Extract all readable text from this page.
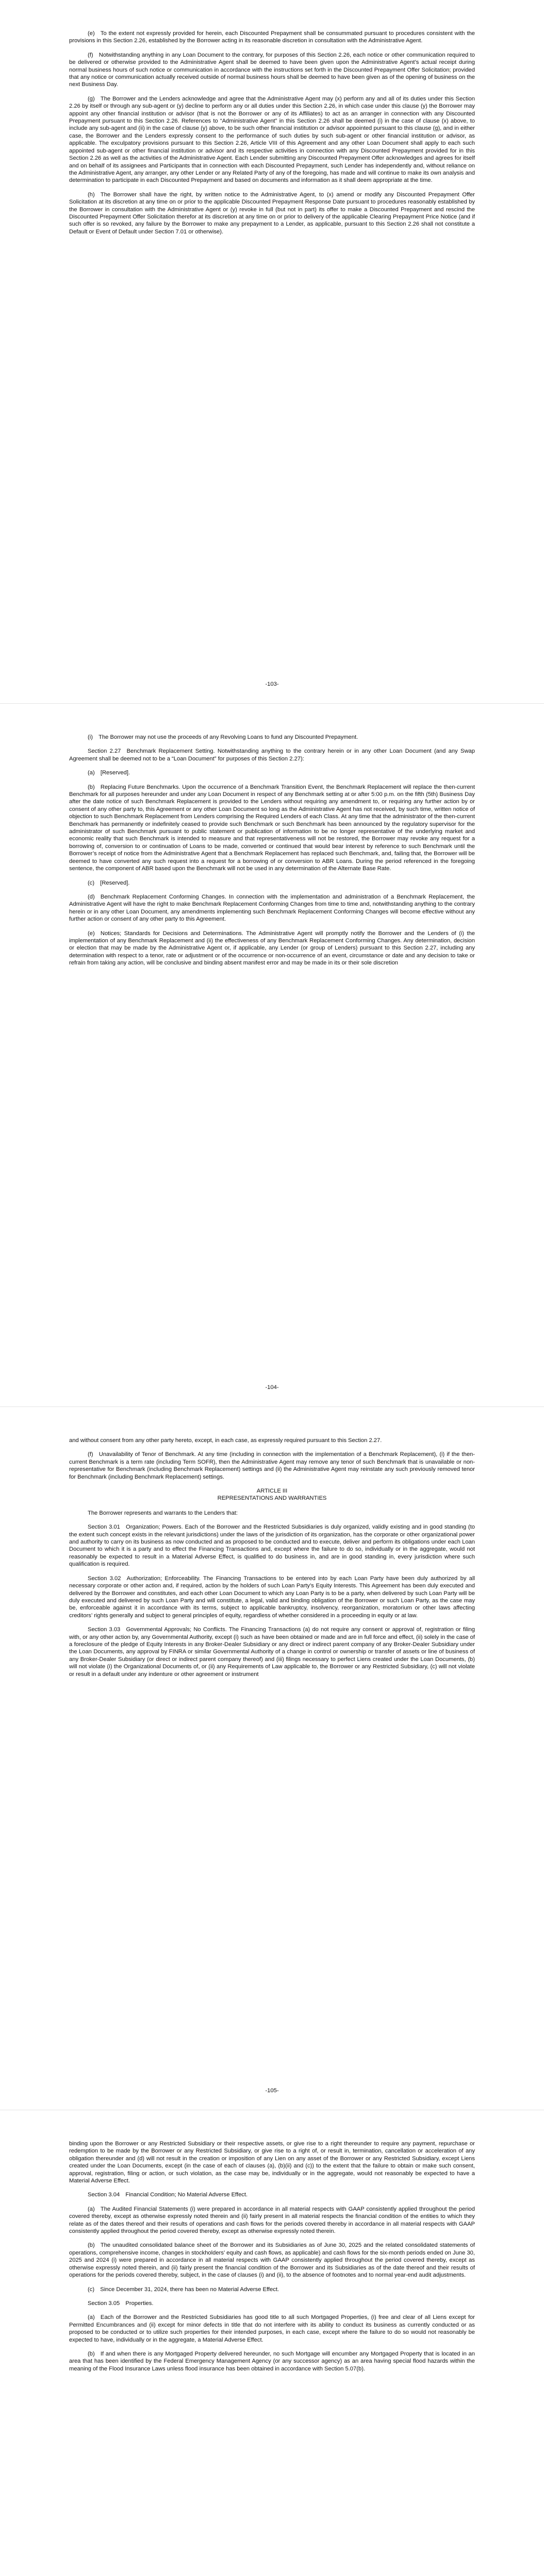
(e) To the extent not expressly provided for herein, each Discounted Prepayment shall be consummated pursuant to procedures consistent with the provisions in this Section 2.26, established by the Borrower acting in its reasonable discretion in consultation with the Administrative Agent.

(f) Notwithstanding anything in any Loan Document to the contrary, for purposes of this Section 2.26, each notice or other communication required to be delivered or otherwise provided to the Administrative Agent shall be deemed to have been given upon the Administrative Agent’s actual receipt during normal business hours of such notice or communication in accordance with the instructions set forth in the Discounted Prepayment Offer Solicitation; provided that any notice or communication actually received outside of normal business hours shall be deemed to have been given as of the opening of business on the next Business Day.

(g) The Borrower and the Lenders acknowledge and agree that the Administrative Agent may (x) perform any and all of its duties under this Section 2.26 by itself or through any sub-agent or (y) decline to perform any or all duties under this Section 2.26, in which case under this clause (y) the Borrower may appoint any other financial institution or advisor (that is not the Borrower or any of its Affiliates) to act as an arranger in connection with any Discounted Prepayment pursuant to this Section 2.26. References to “Administrative Agent” in this Section 2.26 shall be deemed (i) in the case of clause (x) above, to include any sub-agent and (ii) in the case of clause (y) above, to be such other financial institution or advisor appointed pursuant to this clause (g), and in either case, the Borrower and the Lenders expressly consent to the performance of such duties by such sub-agent or other financial institution or advisor, as applicable. The exculpatory provisions pursuant to this Section 2.26, Article VIII of this Agreement and any other Loan Document shall apply to each such appointed sub-agent or other financial institution or advisor and its respective activities in connection with any Discounted Prepayment provided for in this Section 2.26 as well as the activities of the Administrative Agent. Each Lender submitting any Discounted Prepayment Offer acknowledges and agrees for itself and on behalf of its assignees and Participants that in connection with each Discounted Prepayment, such Lender has independently and, without reliance on the Administrative Agent, any arranger, any other Lender or any Related Party of any of the foregoing, has made and will continue to make its own analysis and determination to participate in each Discounted Prepayment and based on documents and information as it shall deem appropriate at the time.

(h) The Borrower shall have the right, by written notice to the Administrative Agent, to (x) amend or modify any Discounted Prepayment Offer Solicitation at its discretion at any time on or prior to the applicable Discounted Prepayment Response Date pursuant to procedures reasonably established by the Borrower in consultation with the Administrative Agent or (y) revoke in full (but not in part) its offer to make a Discounted Prepayment and rescind the Discounted Prepayment Offer Solicitation therefor at its discretion at any time on or prior to delivery of the applicable Clearing Prepayment Price Notice (and if such offer is so revoked, any failure by the Borrower to make any prepayment to a Lender, as applicable, pursuant to this Section 2.26 shall not constitute a Default or Event of Default under Section 7.01 or otherwise).

-103-

(i) The Borrower may not use the proceeds of any Revolving Loans to fund any Discounted Prepayment.

Section 2.27 Benchmark Replacement Setting. Notwithstanding anything to the contrary herein or in any other Loan Document (and any Swap Agreement shall be deemed not to be a “Loan Document” for purposes of this Section 2.27):

(a) [Reserved].

(b) Replacing Future Benchmarks. Upon the occurrence of a Benchmark Transition Event, the Benchmark Replacement will replace the then-current Benchmark for all purposes hereunder and under any Loan Document in respect of any Benchmark setting at or after 5:00 p.m. on the fifth (5th) Business Day after the date notice of such Benchmark Replacement is provided to the Lenders without requiring any amendment to, or requiring any further action by or consent of any other party to, this Agreement or any other Loan Document so long as the Administrative Agent has not received, by such time, written notice of objection to such Benchmark Replacement from Lenders comprising the Required Lenders of each Class. At any time that the administrator of the then-current Benchmark has permanently or indefinitely ceased to provide such Benchmark or such Benchmark has been announced by the regulatory supervisor for the administrator of such Benchmark pursuant to public statement or publication of information to be no longer representative of the underlying market and economic reality that such Benchmark is intended to measure and that representativeness will not be restored, the Borrower may revoke any request for a borrowing of, conversion to or continuation of Loans to be made, converted or continued that would bear interest by reference to such Benchmark until the Borrower’s receipt of notice from the Administrative Agent that a Benchmark Replacement has replaced such Benchmark, and, failing that, the Borrower will be deemed to have converted any such request into a request for a borrowing of or conversion to ABR Loans. During the period referenced in the foregoing sentence, the component of ABR based upon the Benchmark will not be used in any determination of the Alternate Base Rate.

(c) [Reserved].

(d) Benchmark Replacement Conforming Changes. In connection with the implementation and administration of a Benchmark Replacement, the Administrative Agent will have the right to make Benchmark Replacement Conforming Changes from time to time and, notwithstanding anything to the contrary herein or in any other Loan Document, any amendments implementing such Benchmark Replacement Conforming Changes will become effective without any further action or consent of any other party to this Agreement.

(e) Notices; Standards for Decisions and Determinations. The Administrative Agent will promptly notify the Borrower and the Lenders of (i) the implementation of any Benchmark Replacement and (ii) the effectiveness of any Benchmark Replacement Conforming Changes. Any determination, decision or election that may be made by the Administrative Agent or, if applicable, any Lender (or group of Lenders) pursuant to this Section 2.27, including any determination with respect to a tenor, rate or adjustment or of the occurrence or non-occurrence of an event, circumstance or date and any decision to take or refrain from taking any action, will be conclusive and binding absent manifest error and may be made in its or their sole discretion

-104-

and without consent from any other party hereto, except, in each case, as expressly required pursuant to this Section 2.27.

(f) Unavailability of Tenor of Benchmark. At any time (including in connection with the implementation of a Benchmark Replacement), (i) if the then-current Benchmark is a term rate (including Term SOFR), then the Administrative Agent may remove any tenor of such Benchmark that is unavailable or non-representative for Benchmark (including Benchmark Replacement) settings and (ii) the Administrative Agent may reinstate any such previously removed tenor for Benchmark (including Benchmark Replacement) settings.

ARTICLE III

REPRESENTATIONS AND WARRANTIES

The Borrower represents and warrants to the Lenders that:

Section 3.01 Organization; Powers. Each of the Borrower and the Restricted Subsidiaries is duly organized, validly existing and in good standing (to the extent such concept exists in the relevant jurisdictions) under the laws of the jurisdiction of its organization, has the corporate or other organizational power and authority to carry on its business as now conducted and as proposed to be conducted and to execute, deliver and perform its obligations under each Loan Document to which it is a party and to effect the Financing Transactions and, except where the failure to do so, individually or in the aggregate, would not reasonably be expected to result in a Material Adverse Effect, is qualified to do business in, and are in good standing in, every jurisdiction where such qualification is required.

Section 3.02 Authorization; Enforceability. The Financing Transactions to be entered into by each Loan Party have been duly authorized by all necessary corporate or other action and, if required, action by the holders of such Loan Party’s Equity Interests. This Agreement has been duly executed and delivered by the Borrower and constitutes, and each other Loan Document to which any Loan Party is to be a party, when delivered by such Loan Party will be duly executed and delivered by such Loan Party and will constitute, a legal, valid and binding obligation of the Borrower or such Loan Party, as the case may be, enforceable against it in accordance with its terms, subject to applicable bankruptcy, insolvency, reorganization, moratorium or other laws affecting creditors’ rights generally and subject to general principles of equity, regardless of whether considered in a proceeding in equity or at law.

Section 3.03 Governmental Approvals; No Conflicts. The Financing Transactions (a) do not require any consent or approval of, registration or filing with, or any other action by, any Governmental Authority, except (i) such as have been obtained or made and are in full force and effect, (ii) solely in the case of a foreclosure of the pledge of Equity Interests in any Broker-Dealer Subsidiary or any direct or indirect parent company of any Broker-Dealer Subsidiary under the Loan Documents, any approval by FINRA or similar Governmental Authority of a change in control or ownership or transfer of assets or line of business of any Broker-Dealer Subsidiary (or direct or indirect parent company thereof) and (iii) filings necessary to perfect Liens created under the Loan Documents, (b) will not violate (i) the Organizational Documents of, or (ii) any Requirements of Law applicable to, the Borrower or any Restricted Subsidiary, (c) will not violate or result in a default under any indenture or other agreement or instrument

-105-

binding upon the Borrower or any Restricted Subsidiary or their respective assets, or give rise to a right thereunder to require any payment, repurchase or redemption to be made by the Borrower or any Restricted Subsidiary, or give rise to a right of, or result in, termination, cancellation or acceleration of any obligation thereunder and (d) will not result in the creation or imposition of any Lien on any asset of the Borrower or any Restricted Subsidiary, except Liens created under the Loan Documents, except (in the case of each of clauses (a), (b)(ii) and (c)) to the extent that the failure to obtain or make such consent, approval, registration, filing or action, or such violation, as the case may be, individually or in the aggregate, would not reasonably be expected to have a Material Adverse Effect.

Section 3.04 Financial Condition; No Material Adverse Effect.

(a) The Audited Financial Statements (i) were prepared in accordance in all material respects with GAAP consistently applied throughout the period covered thereby, except as otherwise expressly noted therein and (ii) fairly present in all material respects the financial condition of the entities to which they relate as of the dates thereof and their results of operations and cash flows for the periods covered thereby in accordance in all material respects with GAAP consistently applied throughout the period covered thereby, except as otherwise expressly noted therein.

(b) The unaudited consolidated balance sheet of the Borrower and its Subsidiaries as of June 30, 2025 and the related consolidated statements of operations, comprehensive income, changes in stockholders’ equity and cash flows, as applicable) and cash flows for the six-month periods ended on June 30, 2025 and 2024 (i) were prepared in accordance in all material respects with GAAP consistently applied throughout the period covered thereby, except as otherwise expressly noted therein, and (ii) fairly present the financial condition of the Borrower and its Subsidiaries as of the date thereof and their results of operations for the periods covered thereby, subject, in the case of clauses (i) and (ii), to the absence of footnotes and to normal year-end audit adjustments.

(c) Since December 31, 2024, there has been no Material Adverse Effect.

Section 3.05 Properties.

(a) Each of the Borrower and the Restricted Subsidiaries has good title to all such Mortgaged Properties, (i) free and clear of all Liens except for Permitted Encumbrances and (ii) except for minor defects in title that do not interfere with its ability to conduct its business as currently conducted or as proposed to be conducted or to utilize such properties for their intended purposes, in each case, except where the failure to do so would not reasonably be expected to have, individually or in the aggregate, a Material Adverse Effect.

(b) If and when there is any Mortgaged Property delivered hereunder, no such Mortgage will encumber any Mortgaged Property that is located in an area that has been identified by the Federal Emergency Management Agency (or any successor agency) as an area having special flood hazards within the meaning of the Flood Insurance Laws unless flood insurance has been obtained in accordance with Section 5.07(b).
